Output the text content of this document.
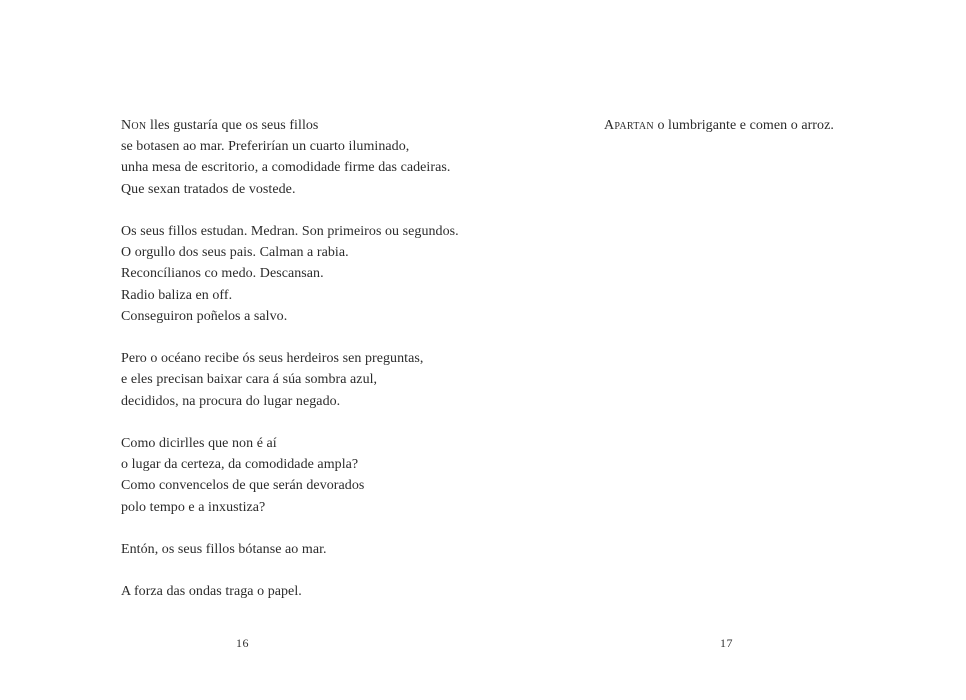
Non lles gustaría que os seus fillos
se botasen ao mar. Preferirían un cuarto iluminado,
unha mesa de escritorio, a comodidade firme das cadeiras.
Que sexan tratados de vostede.
Os seus fillos estudan. Medran. Son primeiros ou segundos.
O orgullo dos seus pais. Calman a rabia.
Reconcílianos co medo. Descansan.
Radio baliza en off.
Conseguiron poñelos a salvo.
Pero o océano recibe ós seus herdeiros sen preguntas,
e eles precisan baixar cara á súa sombra azul,
decididos, na procura do lugar negado.
Como dicirlles que non é aí
o lugar da certeza, da comodidade ampla?
Como convencelos de que serán devorados
polo tempo e a inxustiza?
Entón, os seus fillos bótanse ao mar.
A forza das ondas traga o papel.
16
Apartan o lumbrigante e comen o arroz.
17
